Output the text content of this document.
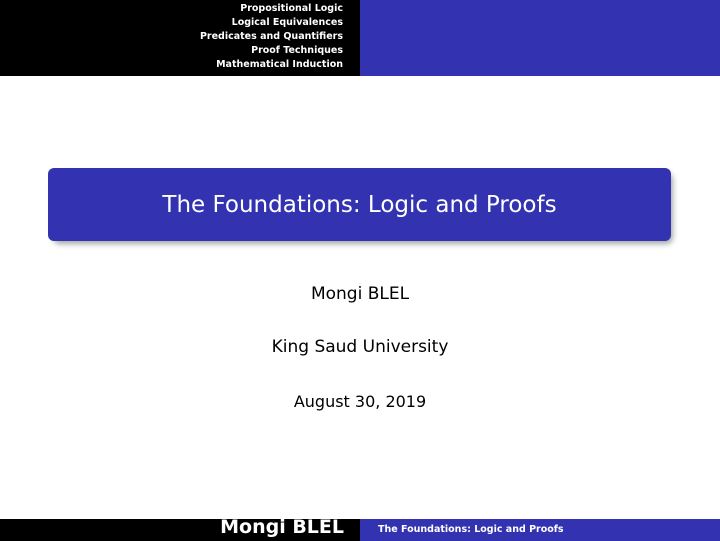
Propositional Logic
Logical Equivalences
Predicates and Quantifiers
Proof Techniques
Mathematical Induction
The Foundations: Logic and Proofs
Mongi BLEL
King Saud University
August 30, 2019
Mongi BLEL	The Foundations: Logic and Proofs
